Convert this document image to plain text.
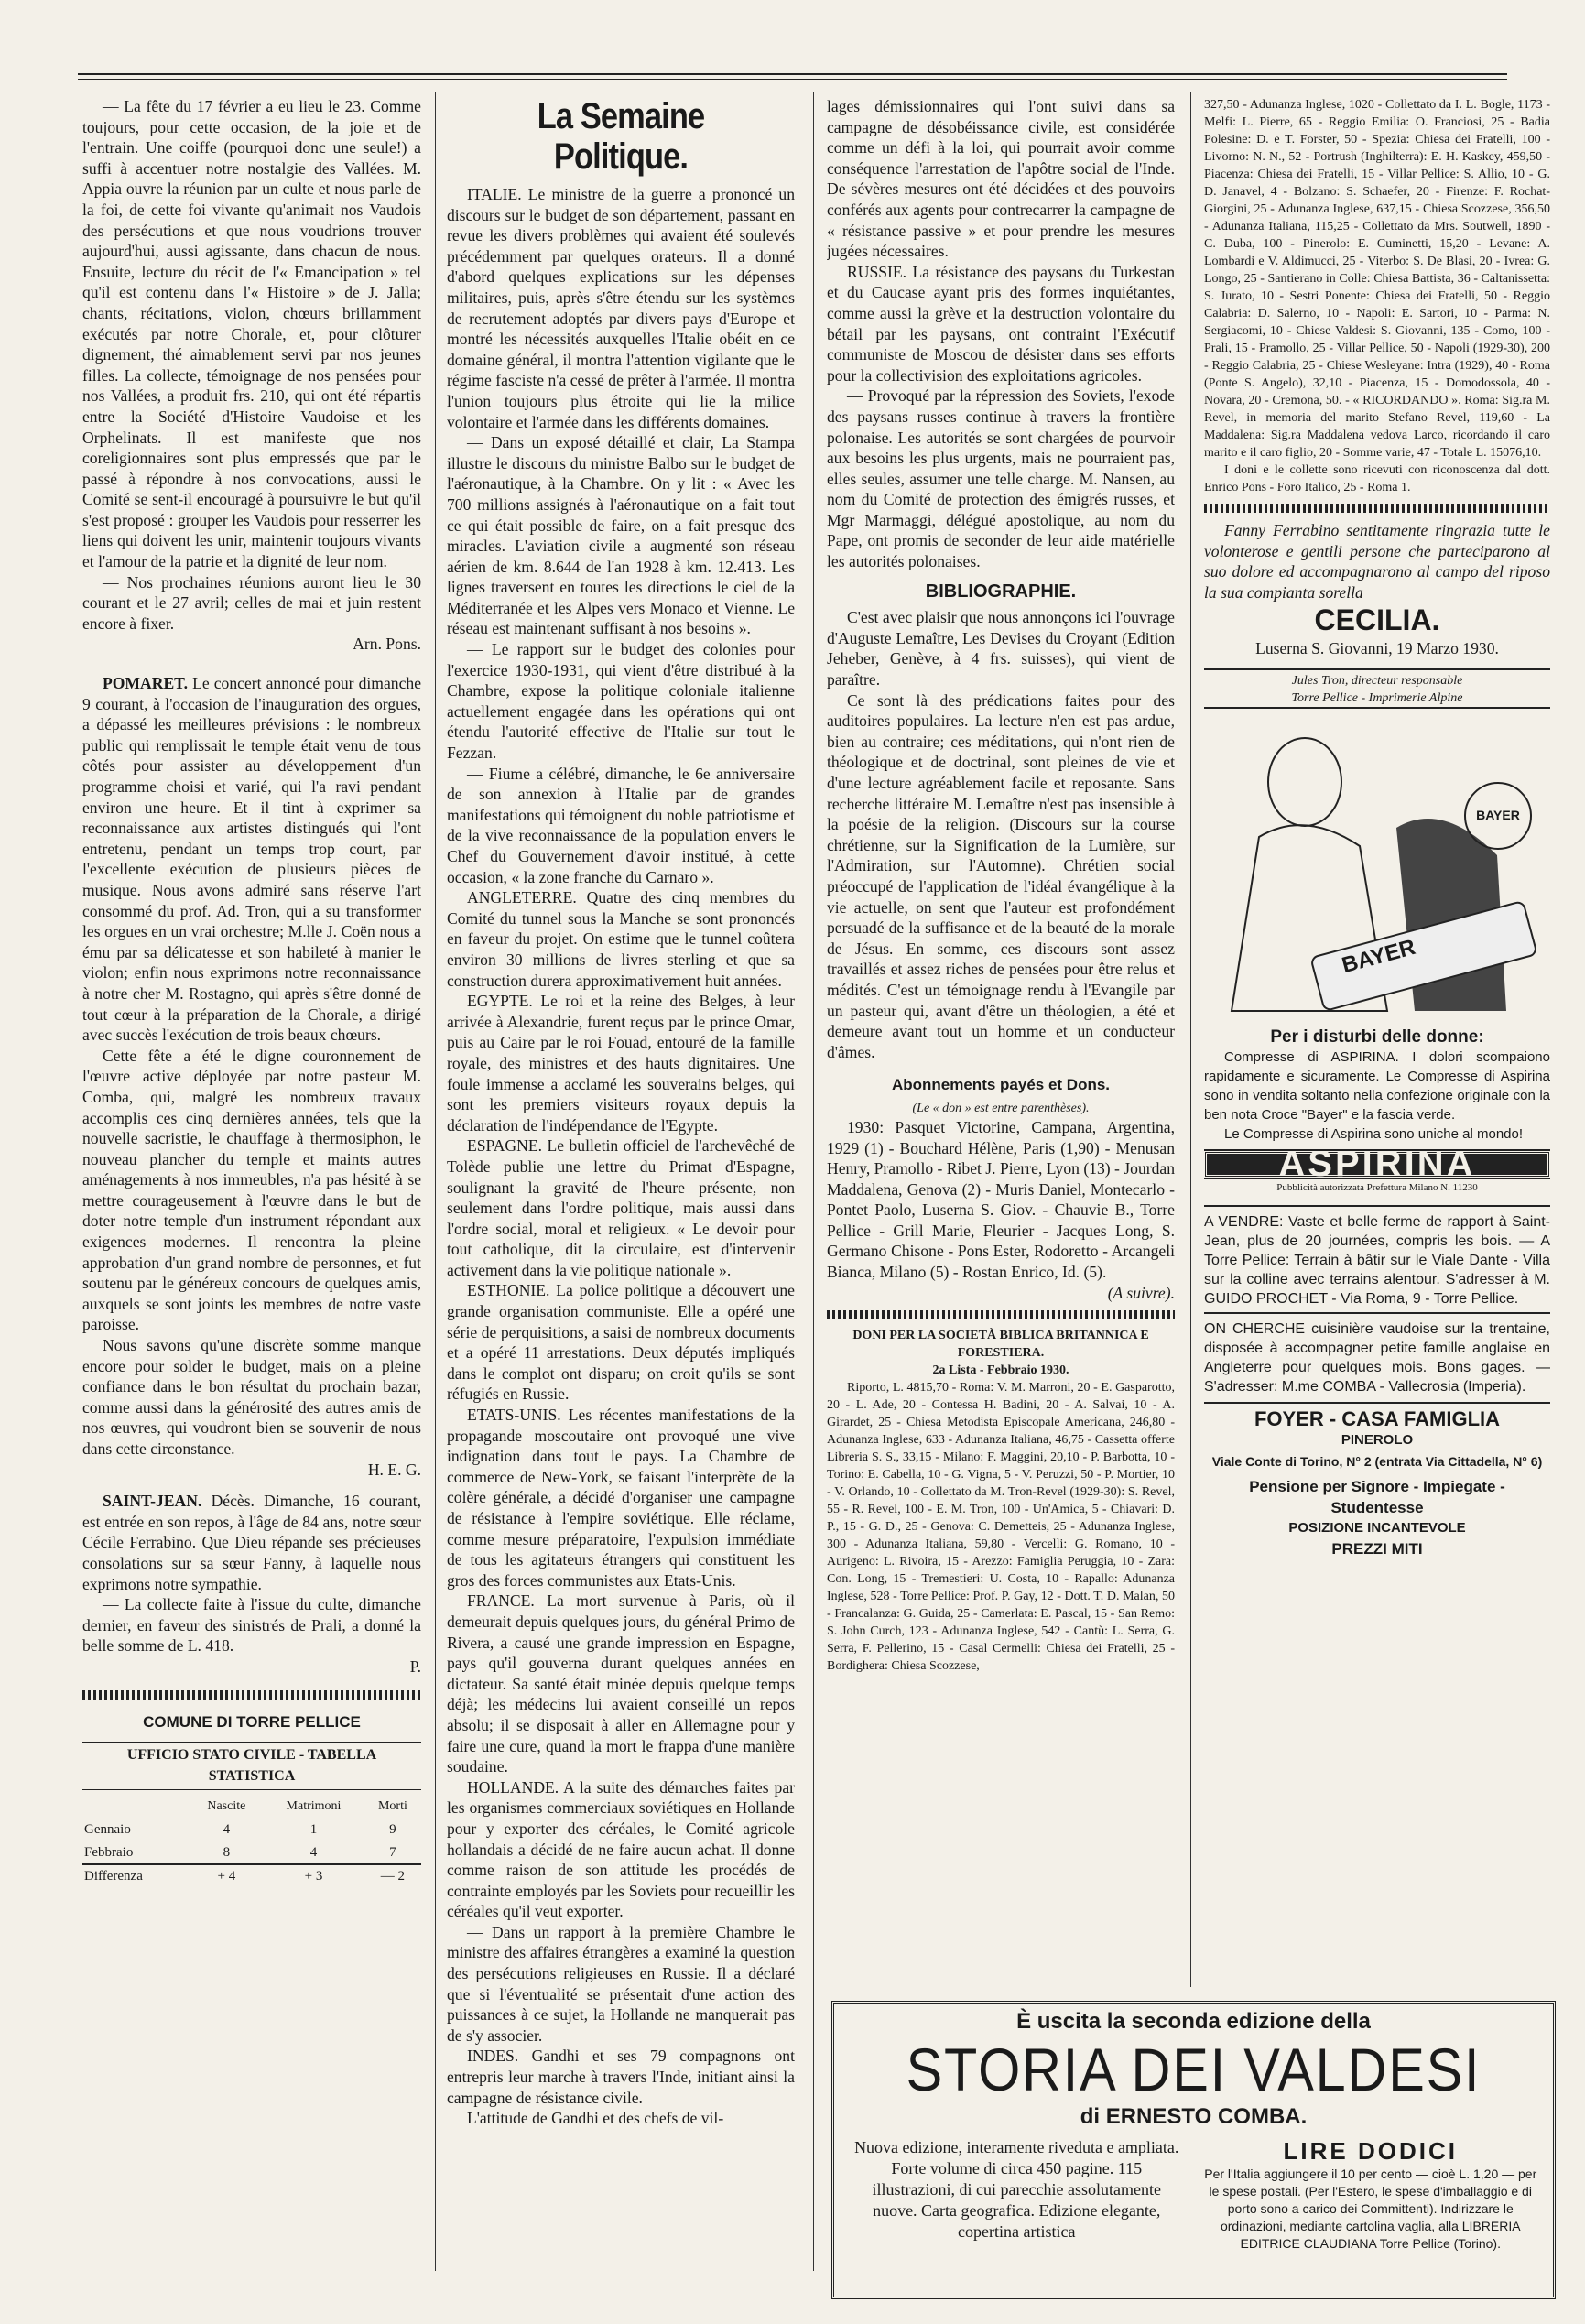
— La fête du 17 février a eu lieu le 23. Comme toujours, pour cette occasion, de la joie et de l'entrain. Une coiffe (pourquoi donc une seule!) a suffi à accentuer notre nostalgie des Vallées. M. Appia ouvre la réunion par un culte et nous parle de la foi, de cette foi vivante qu'animait nos Vaudois des persécutions et que nous voudrions trouver aujourd'hui, aussi agissante, dans chacun de nous. Ensuite, lecture du récit de l'« Emancipation » tel qu'il est contenu dans l'« Histoire » de J. Jalla; chants, récitations, violon, chœurs brillamment exécutés par notre Chorale, et, pour clôturer dignement, thé aimablement servi par nos jeunes filles. La collecte, témoignage de nos pensées pour nos Vallées, a produit frs. 210, qui ont été répartis entre la Société d'Histoire Vaudoise et les Orphelinats. Il est manifeste que nos coreligionnaires sont plus empressés que par le passé à répondre à nos convocations, aussi le Comité se sent-il encouragé à poursuivre le but qu'il s'est proposé : grouper les Vaudois pour resserrer les liens qui doivent les unir, maintenir toujours vivants et l'amour de la patrie et la dignité de leur nom.

— Nos prochaines réunions auront lieu le 30 courant et le 27 avril; celles de mai et juin restent encore à fixer.

Arn. Pons.

POMARET. Le concert annoncé pour dimanche 9 courant, à l'occasion de l'inauguration des orgues, a dépassé les meilleures prévisions : le nombreux public qui remplissait le temple était venu de tous côtés pour assister au développement d'un programme choisi et varié, qui l'a ravi pendant environ une heure. Et il tint à exprimer sa reconnaissance aux artistes distingués qui l'ont entretenu, pendant un temps trop court, par l'excellente exécution de plusieurs pièces de musique. Nous avons admiré sans réserve l'art consommé du prof. Ad. Tron, qui a su transformer les orgues en un vrai orchestre; M.lle J. Coën nous a ému par sa délicatesse et son habileté à manier le violon; enfin nous exprimons notre reconnaissance à notre cher M. Rostagno, qui après s'être donné de tout cœur à la préparation de la Chorale, a dirigé avec succès l'exécution de trois beaux chœurs.

Cette fête a été le digne couronnement de l'œuvre active déployée par notre pasteur M. Comba, qui, malgré les nombreux travaux accomplis ces cinq dernières années, tels que la nouvelle sacristie, le chauffage à thermosiphon, le nouveau plancher du temple et maints autres aménagements à nos immeubles, n'a pas hésité à se mettre courageusement à l'œuvre dans le but de doter notre temple d'un instrument répondant aux exigences modernes. Il rencontra la pleine approbation d'un grand nombre de personnes, et fut soutenu par le généreux concours de quelques amis, auxquels se sont joints les membres de notre vaste paroisse.

Nous savons qu'une discrète somme manque encore pour solder le budget, mais on a pleine confiance dans le bon résultat du prochain bazar, comme aussi dans la générosité des autres amis de nos œuvres, qui voudront bien se souvenir de nous dans cette circonstance.

H. E. G.

SAINT-JEAN. Décès. Dimanche, 16 courant, est entrée en son repos, à l'âge de 84 ans, notre sœur Cécile Ferrabino. Que Dieu répande ses précieuses consolations sur sa sœur Fanny, à laquelle nous exprimons notre sympathie.

— La collecte faite à l'issue du culte, dimanche dernier, en faveur des sinistrés de Prali, a donné la belle somme de L. 418.

P.

COMUNE DI TORRE PELLICE
UFFICIO STATO CIVILE - TABELLA STATISTICA
	Nascite	Matrimoni	Morti
Gennaio	4	1	9
Febbraio	8	4	7
Differenza	+ 4	+ 3	— 2
La Semaine Politique.

ITALIE. Le ministre de la guerre a prononcé un discours sur le budget de son département, passant en revue les divers problèmes qui avaient été soulevés précédemment par quelques orateurs. Il a donné d'abord quelques explications sur les dépenses militaires, puis, après s'être étendu sur les systèmes de recrutement adoptés par divers pays d'Europe et montré les nécessités auxquelles l'Italie obéit en ce domaine général, il montra l'attention vigilante que le régime fasciste n'a cessé de prêter à l'armée. Il montra l'union toujours plus étroite qui lie la milice volontaire et l'armée dans les différents domaines.

— Dans un exposé détaillé et clair, La Stampa illustre le discours du ministre Balbo sur le budget de l'aéronautique, à la Chambre. On y lit : « Avec les 700 millions assignés à l'aéronautique on a fait tout ce qui était possible de faire, on a fait presque des miracles. L'aviation civile a augmenté son réseau aérien de km. 8.644 de l'an 1928 à km. 12.413. Les lignes traversent en toutes les directions le ciel de la Méditerranée et les Alpes vers Monaco et Vienne. Le réseau est maintenant suffisant à nos besoins ».

— Le rapport sur le budget des colonies pour l'exercice 1930-1931, qui vient d'être distribué à la Chambre, expose la politique coloniale italienne actuellement engagée dans les opérations qui ont étendu l'autorité effective de l'Italie sur tout le Fezzan.

— Fiume a célébré, dimanche, le 6e anniversaire de son annexion à l'Italie par de grandes manifestations qui témoignent du noble patriotisme et de la vive reconnaissance de la population envers le Chef du Gouvernement d'avoir institué, à cette occasion, « la zone franche du Carnaro ».

ANGLETERRE. Quatre des cinq membres du Comité du tunnel sous la Manche se sont prononcés en faveur du projet. On estime que le tunnel coûtera environ 30 millions de livres sterling et que sa construction durera approximativement huit années.

EGYPTE. Le roi et la reine des Belges, à leur arrivée à Alexandrie, furent reçus par le prince Omar, puis au Caire par le roi Fouad, entouré de la famille royale, des ministres et des hauts dignitaires. Une foule immense a acclamé les souverains belges, qui sont les premiers visiteurs royaux depuis la déclaration de l'indépendance de l'Egypte.

ESPAGNE. Le bulletin officiel de l'archevêché de Tolède publie une lettre du Primat d'Espagne, soulignant la gravité de l'heure présente, non seulement dans l'ordre politique, mais aussi dans l'ordre social, moral et religieux. « Le devoir pour tout catholique, dit la circulaire, est d'intervenir activement dans la vie politique nationale ».

ESTHONIE. La police politique a découvert une grande organisation communiste. Elle a opéré une série de perquisitions, a saisi de nombreux documents et a opéré 11 arrestations. Deux députés impliqués dans le complot ont disparu; on croit qu'ils se sont réfugiés en Russie.

ETATS-UNIS. Les récentes manifestations de la propagande moscoutaire ont provoqué une vive indignation dans tout le pays. La Chambre de commerce de New-York, se faisant l'interprète de la colère générale, a décidé d'organiser une campagne de résistance à l'empire soviétique. Elle réclame, comme mesure préparatoire, l'expulsion immédiate de tous les agitateurs étrangers qui constituent les gros des forces communistes aux Etats-Unis.

FRANCE. La mort survenue à Paris, où il demeurait depuis quelques jours, du général Primo de Rivera, a causé une grande impression en Espagne, pays qu'il gouverna durant quelques années en dictateur. Sa santé était minée depuis quelque temps déjà; les médecins lui avaient conseillé un repos absolu; il se disposait à aller en Allemagne pour y faire une cure, quand la mort le frappa d'une manière soudaine.

HOLLANDE. A la suite des démarches faites par les organismes commerciaux soviétiques en Hollande pour y exporter des céréales, le Comité agricole hollandais a décidé de ne faire aucun achat. Il donne comme raison de son attitude les procédés de contrainte employés par les Soviets pour recueillir les céréales qu'il veut exporter.

— Dans un rapport à la première Chambre le ministre des affaires étrangères a examiné la question des persécutions religieuses en Russie. Il a déclaré que si l'éventualité se présentait d'une action des puissances à ce sujet, la Hollande ne manquerait pas de s'y associer.

INDES. Gandhi et ses 79 compagnons ont entrepris leur marche à travers l'Inde, initiant ainsi la campagne de résistance civile.

L'attitude de Gandhi et des chefs de vil-

lages démissionnaires qui l'ont suivi dans sa campagne de désobéissance civile, est considérée comme un défi à la loi, qui pourrait avoir comme conséquence l'arrestation de l'apôtre social de l'Inde. De sévères mesures ont été décidées et des pouvoirs conférés aux agents pour contrecarrer la campagne de « résistance passive » et pour prendre les mesures jugées nécessaires.

RUSSIE. La résistance des paysans du Turkestan et du Caucase ayant pris des formes inquiétantes, comme aussi la grève et la destruction volontaire du bétail par les paysans, ont contraint l'Exécutif communiste de Moscou de désister dans ses efforts pour la collectivision des exploitations agricoles.

— Provoqué par la répression des Soviets, l'exode des paysans russes continue à travers la frontière polonaise. Les autorités se sont chargées de pourvoir aux besoins les plus urgents, mais ne pourraient pas, elles seules, assumer une telle charge. M. Nansen, au nom du Comité de protection des émigrés russes, et Mgr Marmaggi, délégué apostolique, au nom du Pape, ont promis de seconder de leur aide matérielle les autorités polonaises.

BIBLIOGRAPHIE.

C'est avec plaisir que nous annonçons ici l'ouvrage d'Auguste Lemaître, Les Devises du Croyant (Edition Jeheber, Genève, à 4 frs. suisses), qui vient de paraître.

Ce sont là des prédications faites pour des auditoires populaires. La lecture n'en est pas ardue, bien au contraire; ces méditations, qui n'ont rien de théologique et de doctrinal, sont pleines de vie et d'une lecture agréablement facile et reposante. Sans recherche littéraire M. Lemaître n'est pas insensible à la poésie de la religion. (Discours sur la course chrétienne, sur la Signification de la Lumière, sur l'Admiration, sur l'Automne). Chrétien social préoccupé de l'application de l'idéal évangélique à la vie actuelle, on sent que l'auteur est profondément persuadé de la suffisance et de la beauté de la morale de Jésus. En somme, ces discours sont assez travaillés et assez riches de pensées pour être relus et médités. C'est un témoignage rendu à l'Evangile par un pasteur qui, avant d'être un théologien, a été et demeure avant tout un homme et un conducteur d'âmes.

Abonnements payés et Dons.
(Le « don » est entre parenthèses).

1930: Pasquet Victorine, Campana, Argentina, 1929 (1) - Bouchard Hélène, Paris (1,90) - Menusan Henry, Pramollo - Ribet J. Pierre, Lyon (13) - Jourdan Maddalena, Genova (2) - Muris Daniel, Montecarlo - Pontet Paolo, Luserna S. Giov. - Chauvie B., Torre Pellice - Grill Marie, Fleurier - Jacques Long, S. Germano Chisone - Pons Ester, Rodoretto - Arcangeli Bianca, Milano (5) - Rostan Enrico, Id. (5).

(A suivre).

DONI PER LA SOCIETÀ BIBLICA BRITANNICA E FORESTIERA.
2a Lista - Febbraio 1930.

Riporto, L. 4815,70 - Roma: V. M. Marroni, 20 - E. Gasparotto, 20 - L. Ade, 20 - Contessa H. Badini, 20 - A. Salvai, 10 - A. Girardet, 25 - Chiesa Metodista Episcopale Americana, 246,80 - Adunanza Inglese, 633 - Adunanza Italiana, 46,75 - Cassetta offerte Libreria S. S., 33,15 - Milano: F. Maggini, 20,10 - P. Barbotta, 10 - Torino: E. Cabella, 10 - G. Vigna, 5 - V. Peruzzi, 50 - P. Mortier, 10 - V. Orlando, 10 - Collettato da M. Tron-Revel (1929-30): S. Revel, 55 - R. Revel, 100 - E. M. Tron, 100 - Un'Amica, 5 - Chiavari: D. P., 15 - G. D., 25 - Genova: C. Demetteis, 25 - Adunanza Inglese, 300 - Adunanza Italiana, 59,80 - Vercelli: G. Romano, 10 - Aurigeno: L. Rivoira, 15 - Arezzo: Famiglia Peruggia, 10 - Zara: Con. Long, 15 - Tremestieri: U. Costa, 10 - Rapallo: Adunanza Inglese, 528 - Torre Pellice: Prof. P. Gay, 12 - Dott. T. D. Malan, 50 - Francalanza: G. Guida, 25 - Camerlata: E. Pascal, 15 - San Remo: S. John Curch, 123 - Adunanza Inglese, 542 - Cantù: L. Serra, G. Serra, F. Pellerino, 15 - Casal Cermelli: Chiesa dei Fratelli, 25 - Bordighera: Chiesa Scozzese,

327,50 - Adunanza Inglese, 1020 - Collettato da I. L. Bogle, 1173 - Melfi: L. Pierre, 65 - Reggio Emilia: O. Franciosi, 25 - Badia Polesine: D. e T. Forster, 50 - Spezia: Chiesa dei Fratelli, 100 - Livorno: N. N., 52 - Portrush (Inghilterra): E. H. Kaskey, 459,50 - Piacenza: Chiesa dei Fratelli, 15 - Villar Pellice: S. Allio, 10 - G. D. Janavel, 4 - Bolzano: S. Schaefer, 20 - Firenze: F. Rochat-Giorgini, 25 - Adunanza Inglese, 637,15 - Chiesa Scozzese, 356,50 - Adunanza Italiana, 115,25 - Collettato da Mrs. Soutwell, 1890 - C. Duba, 100 - Pinerolo: E. Cuminetti, 15,20 - Levane: A. Lombardi e V. Aldimucci, 25 - Viterbo: S. De Blasi, 20 - Ivrea: G. Longo, 25 - Santierano in Colle: Chiesa Battista, 36 - Caltanissetta: S. Jurato, 10 - Sestri Ponente: Chiesa dei Fratelli, 50 - Reggio Calabria: D. Salerno, 10 - Napoli: E. Sartori, 10 - Parma: N. Sergiacomi, 10 - Chiese Valdesi: S. Giovanni, 135 - Como, 100 - Prali, 15 - Pramollo, 25 - Villar Pellice, 50 - Napoli (1929-30), 200 - Reggio Calabria, 25 - Chiese Wesleyane: Intra (1929), 40 - Roma (Ponte S. Angelo), 32,10 - Piacenza, 15 - Domodossola, 40 - Novara, 20 - Cremona, 50. - « RICORDANDO ». Roma: Sig.ra M. Revel, in memoria del marito Stefano Revel, 119,60 - La Maddalena: Sig.ra Maddalena vedova Larco, ricordando il caro marito e il caro figlio, 20 - Somme varie, 47 - Totale L. 15076,10.

I doni e le collette sono ricevuti con riconoscenza dal dott. Enrico Pons - Foro Italico, 25 - Roma 1.

Fanny Ferrabino sentitamente ringrazia tutte le volonterose e gentili persone che parteciparono al suo dolore ed accompagnarono al campo del riposo la sua compianta sorella

CECILIA.
Luserna S. Giovanni, 19 Marzo 1930.
Jules Tron, directeur responsable
Torre Pellice - Imprimerie Alpine
BAYER
BAYER
Per i disturbi delle donne:

Compresse di ASPIRINA. I dolori scompaiono rapidamente e sicuramente. Le Compresse di Aspirina sono in vendita soltanto nella confezione originale con la ben nota Croce "Bayer" e la fascia verde.

Le Compresse di Aspirina sono uniche al mondo!

ASPIRINA
Pubblicità autorizzata Prefettura Milano N. 11230

A VENDRE: Vaste et belle ferme de rapport à Saint-Jean, plus de 20 journées, compris les bois. — A Torre Pellice: Terrain à bâtir sur le Viale Dante - Villa sur la colline avec terrains alentour. S'adresser à M. GUIDO PROCHET - Via Roma, 9 - Torre Pellice.

ON CHERCHE cuisinière vaudoise sur la trentaine, disposée à accompagner petite famille anglaise en Angleterre pour quelques mois. Bons gages. — S'adresser: M.me COMBA - Vallecrosia (Imperia).

FOYER - CASA FAMIGLIA
PINEROLO
Viale Conte di Torino, N° 2 (entrata Via Cittadella, N° 6)
Pensione per Signore - Impiegate - Studentesse
POSIZIONE INCANTEVOLE
PREZZI MITI
È uscita la seconda edizione della
STORIA DEI VALDESI
di ERNESTO COMBA.
Nuova edizione, interamente riveduta e ampliata. Forte volume di circa 450 pagine. 115 illustrazioni, di cui parecchie assolutamente nuove. Carta geografica. Edizione elegante, copertina artistica
LIRE DODICI
Per l'Italia aggiungere il 10 per cento — cioè L. 1,20 — per le spese postali. (Per l'Estero, le spese d'imballaggio e di porto sono a carico dei Committenti). Indirizzare le ordinazioni, mediante cartolina vaglia, alla LIBRERIA EDITRICE CLAUDIANA Torre Pellice (Torino).
